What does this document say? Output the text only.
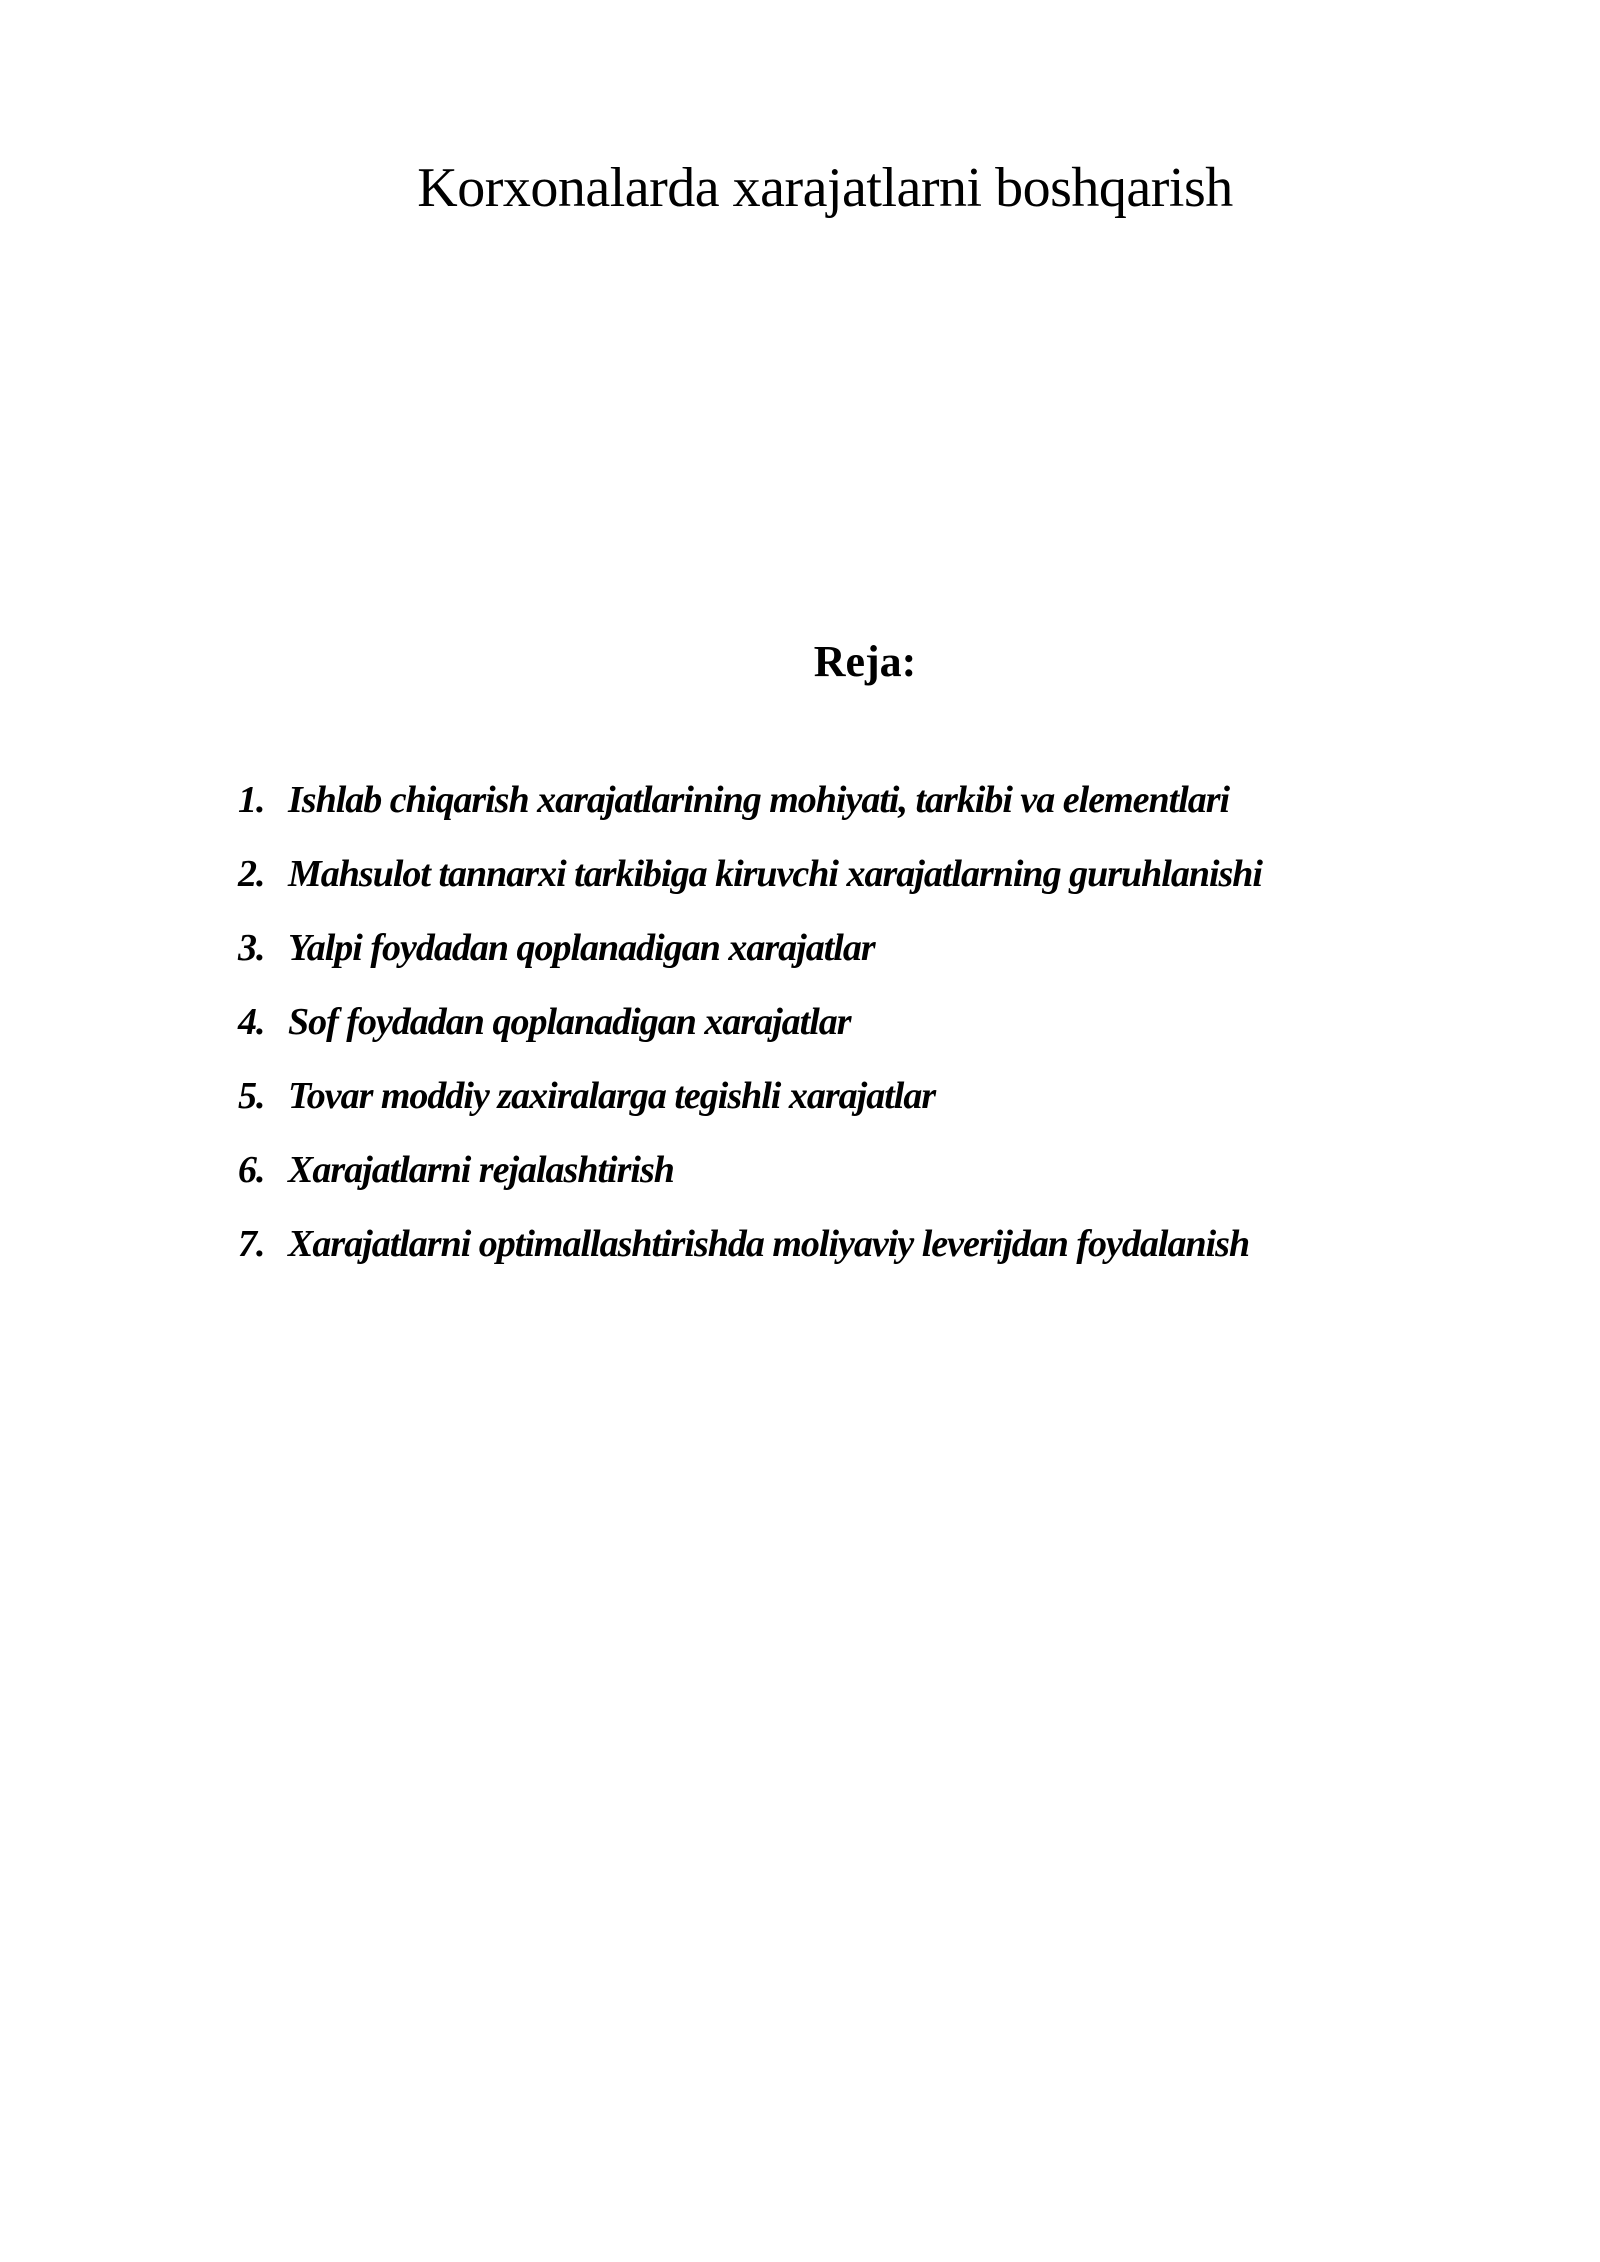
Korxonalarda xarajatlarni boshqarish
Reja:
1. Ishlab chiqarish xarajatlarining mohiyati, tarkibi va elementlari
2. Mahsulot tannarxi tarkibiga kiruvchi xarajatlarning guruhlanishi
3. Yalpi foydadan qoplanadigan xarajatlar
4. Sof foydadan qoplanadigan xarajatlar
5. Tovar moddiy zaxiralarga tegishli xarajatlar
6. Xarajatlarni rejalashtirish
7. Xarajatlarni optimallashtirishda moliyaviy leverijdan foydalanish
